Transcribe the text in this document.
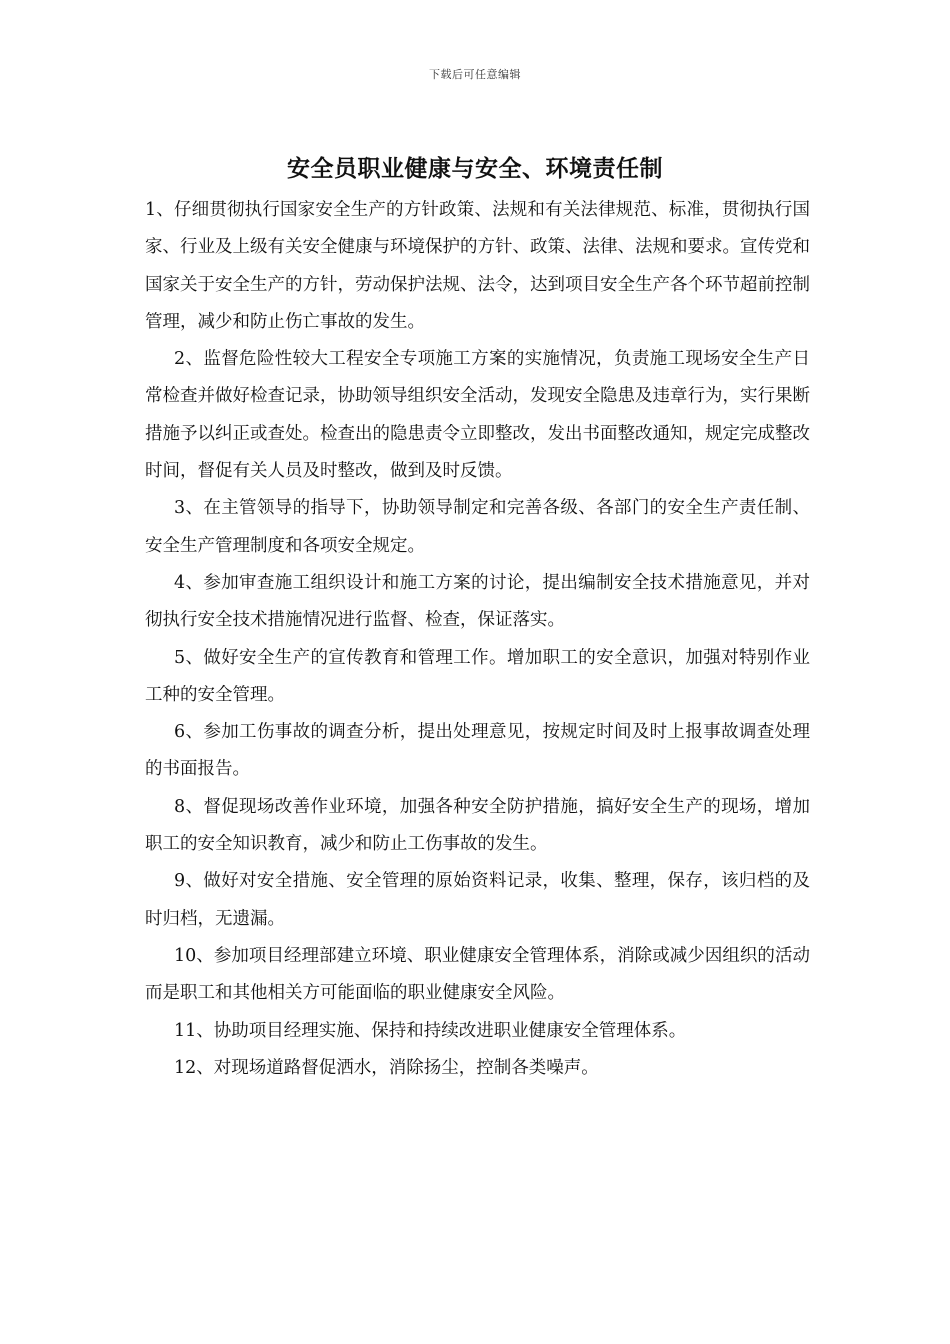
下载后可任意编辑
安全员职业健康与安全、环境责任制

1、仔细贯彻执行国家安全生产的方针政策、法规和有关法律规范、标准，贯彻执行国家、行业及上级有关安全健康与环境保护的方针、政策、法律、法规和要求。宣传党和国家关于安全生产的方针，劳动保护法规、法令，达到项目安全生产各个环节超前控制管理，减少和防止伤亡事故的发生。

2、监督危险性较大工程安全专项施工方案的实施情况，负责施工现场安全生产日常检查并做好检查记录，协助领导组织安全活动，发现安全隐患及违章行为，实行果断措施予以纠正或查处。检查出的隐患责令立即整改，发出书面整改通知，规定完成整改时间，督促有关人员及时整改，做到及时反馈。

3、在主管领导的指导下，协助领导制定和完善各级、各部门的安全生产责任制、安全生产管理制度和各项安全规定。

4、参加审查施工组织设计和施工方案的讨论，提出编制安全技术措施意见，并对彻执行安全技术措施情况进行监督、检查，保证落实。

5、做好安全生产的宣传教育和管理工作。增加职工的安全意识，加强对特别作业工种的安全管理。

6、参加工伤事故的调查分析，提出处理意见，按规定时间及时上报事故调查处理的书面报告。

8、督促现场改善作业环境，加强各种安全防护措施，搞好安全生产的现场，增加职工的安全知识教育，减少和防止工伤事故的发生。

9、做好对安全措施、安全管理的原始资料记录，收集、整理，保存，该归档的及时归档，无遗漏。

10、参加项目经理部建立环境、职业健康安全管理体系，消除或减少因组织的活动而是职工和其他相关方可能面临的职业健康安全风险。

11、协助项目经理实施、保持和持续改进职业健康安全管理体系。

12、对现场道路督促洒水，消除扬尘，控制各类噪声。
